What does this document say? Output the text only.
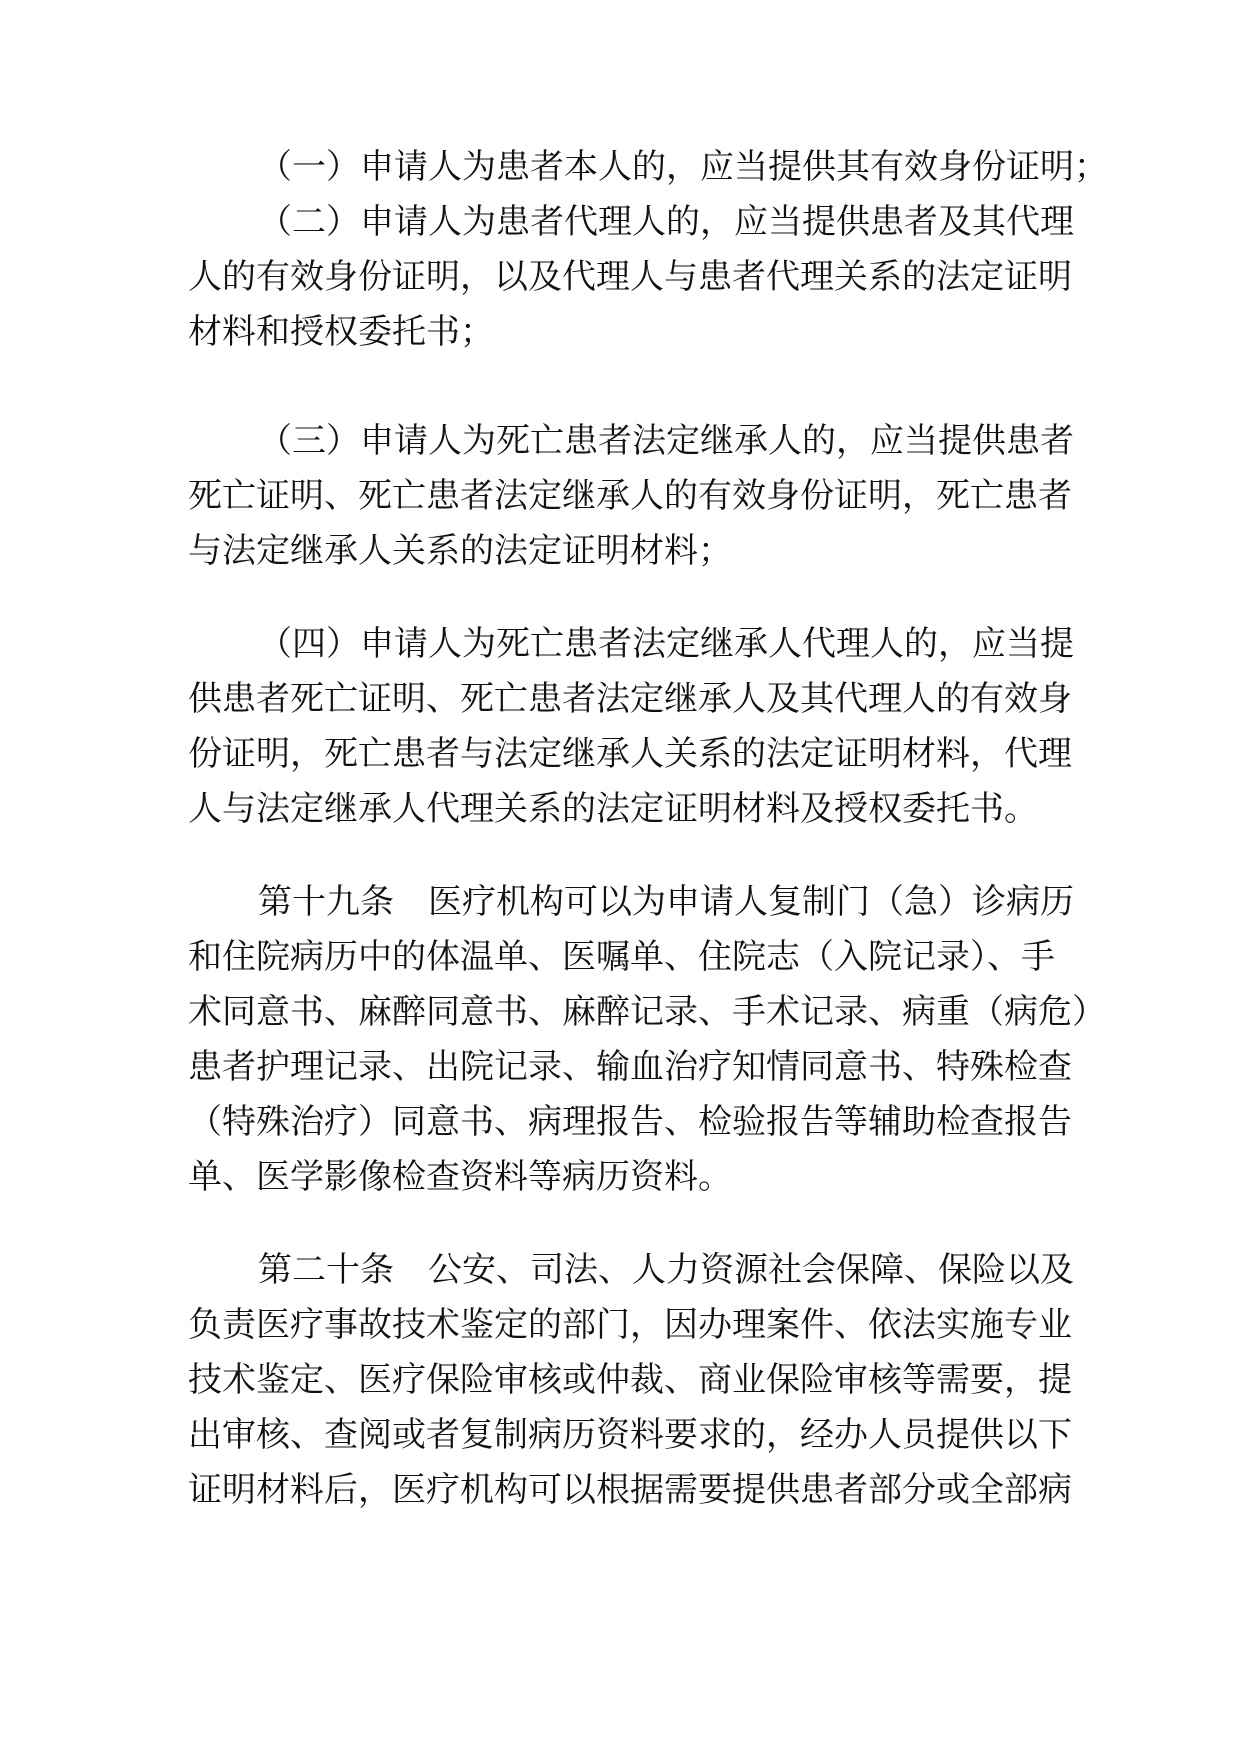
（一）申请人为患者本人的，应当提供其有效身份证明；
（二）申请人为患者代理人的，应当提供患者及其代理
人的有效身份证明，以及代理人与患者代理关系的法定证明
材料和授权委托书；
（三）申请人为死亡患者法定继承人的，应当提供患者
死亡证明、死亡患者法定继承人的有效身份证明，死亡患者
与法定继承人关系的法定证明材料；
（四）申请人为死亡患者法定继承人代理人的，应当提
供患者死亡证明、死亡患者法定继承人及其代理人的有效身
份证明，死亡患者与法定继承人关系的法定证明材料，代理
人与法定继承人代理关系的法定证明材料及授权委托书。
第十九条　医疗机构可以为申请人复制门（急）诊病历
和住院病历中的体温单、医嘱单、住院志（入院记录）、手
术同意书、麻醉同意书、麻醉记录、手术记录、病重（病危）
患者护理记录、出院记录、输血治疗知情同意书、特殊检查
（特殊治疗）同意书、病理报告、检验报告等辅助检查报告
单、医学影像检查资料等病历资料。
第二十条　公安、司法、人力资源社会保障、保险以及
负责医疗事故技术鉴定的部门，因办理案件、依法实施专业
技术鉴定、医疗保险审核或仲裁、商业保险审核等需要，提
出审核、查阅或者复制病历资料要求的，经办人员提供以下
证明材料后，医疗机构可以根据需要提供患者部分或全部病
